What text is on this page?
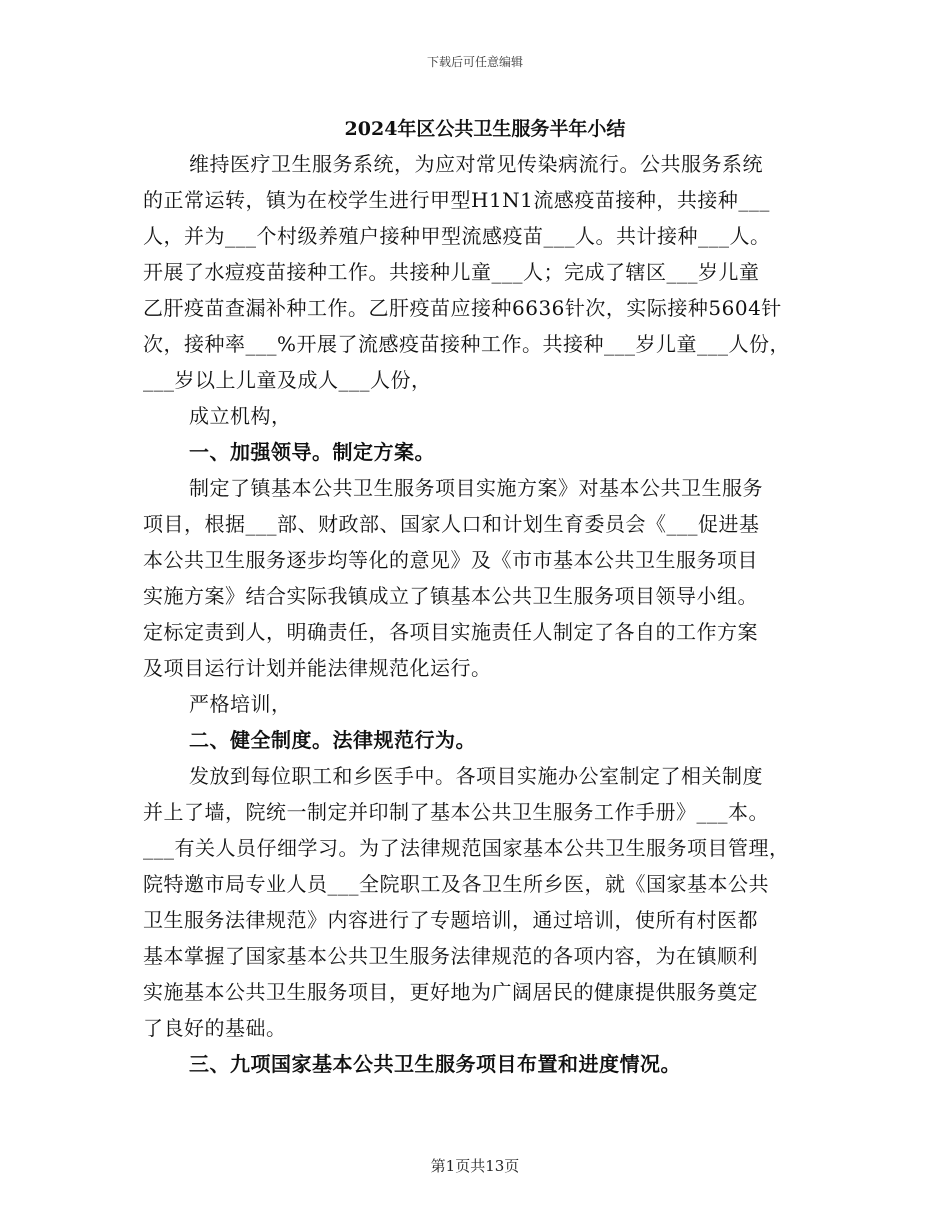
下载后可任意编辑
2024年区公共卫生服务半年小结
维持医疗卫生服务系统，为应对常见传染病流行。公共服务系统
的正常运转，镇为在校学生进行甲型H1N1流感疫苗接种，共接种___
人，并为___个村级养殖户接种甲型流感疫苗___人。共计接种___人。
开展了水痘疫苗接种工作。共接种儿童___人；完成了辖区___岁儿童
乙肝疫苗查漏补种工作。乙肝疫苗应接种6636针次，实际接种5604针
次，接种率___%开展了流感疫苗接种工作。共接种___岁儿童___人份，
___岁以上儿童及成人___人份，
成立机构，
一、加强领导。制定方案。
制定了镇基本公共卫生服务项目实施方案》对基本公共卫生服务
项目，根据___部、财政部、国家人口和计划生育委员会《___促进基
本公共卫生服务逐步均等化的意见》及《市市基本公共卫生服务项目
实施方案》结合实际我镇成立了镇基本公共卫生服务项目领导小组。
定标定责到人，明确责任，各项目实施责任人制定了各自的工作方案
及项目运行计划并能法律规范化运行。
严格培训，
二、健全制度。法律规范行为。
发放到每位职工和乡医手中。各项目实施办公室制定了相关制度
并上了墙，院统一制定并印制了基本公共卫生服务工作手册》___本。
___有关人员仔细学习。为了法律规范国家基本公共卫生服务项目管理，
院特邀市局专业人员___全院职工及各卫生所乡医，就《国家基本公共
卫生服务法律规范》内容进行了专题培训，通过培训，使所有村医都
基本掌握了国家基本公共卫生服务法律规范的各项内容，为在镇顺利
实施基本公共卫生服务项目，更好地为广阔居民的健康提供服务奠定
了良好的基础。
三、九项国家基本公共卫生服务项目布置和进度情况。
第1页共13页
